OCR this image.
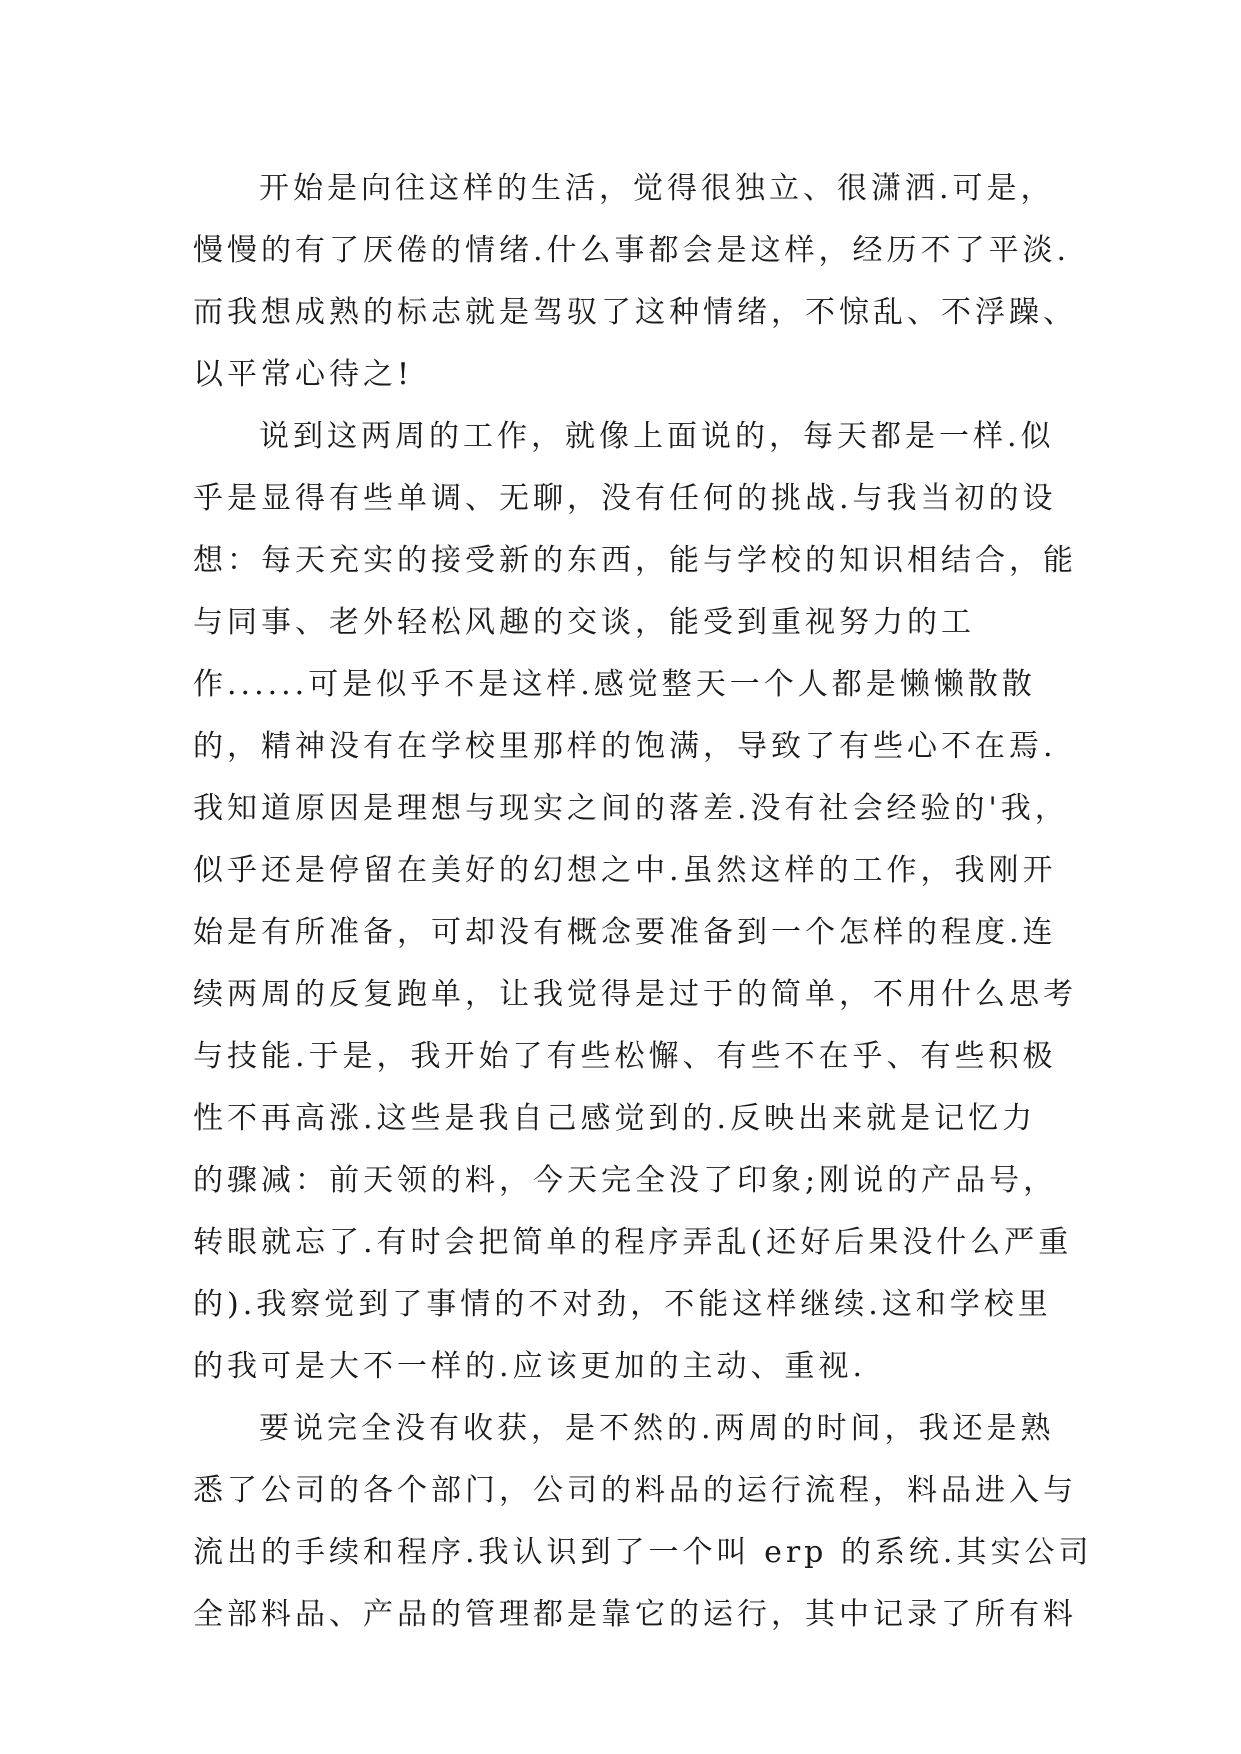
开始是向往这样的生活，觉得很独立、很潇洒.可是，
慢慢的有了厌倦的情绪.什么事都会是这样，经历不了平淡.
而我想成熟的标志就是驾驭了这种情绪，不惊乱、不浮躁、
以平常心待之!
说到这两周的工作，就像上面说的，每天都是一样.似
乎是显得有些单调、无聊，没有任何的挑战.与我当初的设
想：每天充实的接受新的东西，能与学校的知识相结合，能
与同事、老外轻松风趣的交谈，能受到重视努力的工
作......可是似乎不是这样.感觉整天一个人都是懒懒散散
的，精神没有在学校里那样的饱满，导致了有些心不在焉.
我知道原因是理想与现实之间的落差.没有社会经验的'我，
似乎还是停留在美好的幻想之中.虽然这样的工作，我刚开
始是有所准备，可却没有概念要准备到一个怎样的程度.连
续两周的反复跑单，让我觉得是过于的简单，不用什么思考
与技能.于是，我开始了有些松懈、有些不在乎、有些积极
性不再高涨.这些是我自己感觉到的.反映出来就是记忆力
的骤减：前天领的料，今天完全没了印象;刚说的产品号，
转眼就忘了.有时会把简单的程序弄乱(还好后果没什么严重
的).我察觉到了事情的不对劲，不能这样继续.这和学校里
的我可是大不一样的.应该更加的主动、重视.
要说完全没有收获，是不然的.两周的时间，我还是熟
悉了公司的各个部门，公司的料品的运行流程，料品进入与
流出的手续和程序.我认识到了一个叫 erp 的系统.其实公司
全部料品、产品的管理都是靠它的运行，其中记录了所有料
